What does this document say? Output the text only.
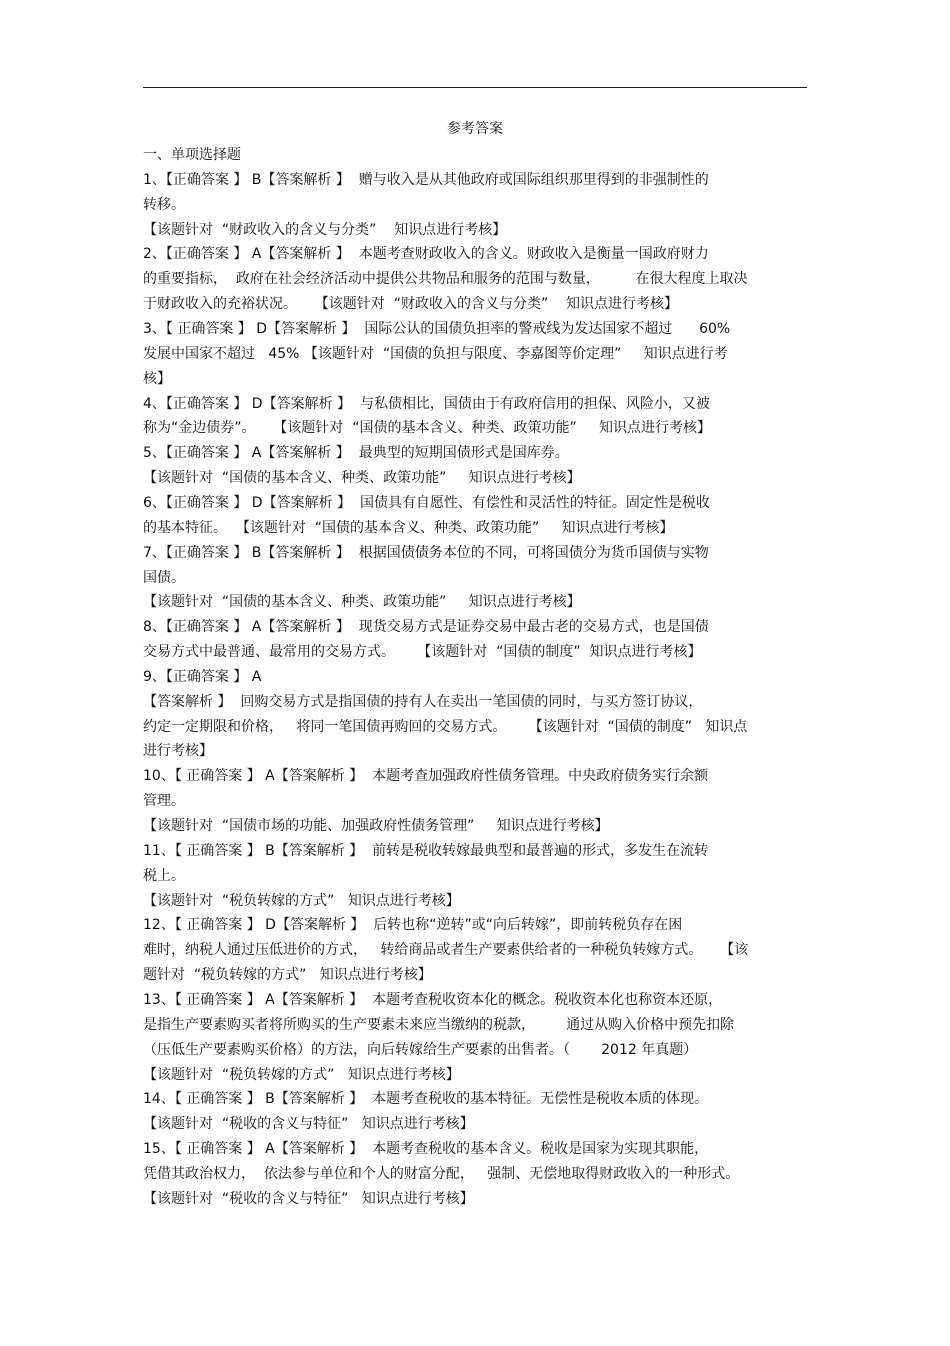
参考答案
一、单项选择题
1、【正确答案 】 B【答案解析 】  赠与收入是从其他政府或国际组织那里得到的非强制性的
转移。
【该题针对  “财政收入的含义与分类”    知识点进行考核】
2、【正确答案 】 A【答案解析 】  本题考查财政收入的含义。财政收入是衡量一国政府财力
的重要指标，  政府在社会经济活动中提供公共物品和服务的范围与数量，        在很大程度上取决
于财政收入的充裕状况。    【该题针对  “财政收入的含义与分类”    知识点进行考核】
3、【 正确答案 】 D【答案解析 】  国际公认的国债负担率的警戒线为发达国家不超过      60%
发展中国家不超过   45% 【该题针对  “国债的负担与限度、李嘉图等价定理”     知识点进行考
核】
4、【正确答案 】 D【答案解析 】  与私债相比，国债由于有政府信用的担保、风险小，又被
称为“金边债券”。    【该题针对  “国债的基本含义、种类、政策功能”     知识点进行考核】
5、【正确答案 】 A【答案解析 】  最典型的短期国债形式是国库券。
【该题针对  “国债的基本含义、种类、政策功能”     知识点进行考核】
6、【正确答案 】 D【答案解析 】  国债具有自愿性、有偿性和灵活性的特征。固定性是税收
的基本特征。  【该题针对  “国债的基本含义、种类、政策功能”     知识点进行考核】
7、【正确答案 】 B【答案解析 】  根据国债债务本位的不同，可将国债分为货币国债与实物
国债。
【该题针对  “国债的基本含义、种类、政策功能”     知识点进行考核】
8、【正确答案 】 A【答案解析 】  现货交易方式是证券交易中最古老的交易方式，也是国债
交易方式中最普通、最常用的交易方式。     【该题针对  “国债的制度”  知识点进行考核】
9、【正确答案 】 A
【答案解析 】  回购交易方式是指国债的持有人在卖出一笔国债的同时，与买方签订协议，
约定一定期限和价格，   将同一笔国债再购回的交易方式。     【该题针对  “国债的制度”   知识点
进行考核】
10、【 正确答案 】 A【答案解析 】  本题考查加强政府性债务管理。中央政府债务实行余额
管理。
【该题针对  “国债市场的功能、加强政府性债务管理”     知识点进行考核】
11、【 正确答案 】 B【答案解析 】  前转是税收转嫁最典型和最普遍的形式，多发生在流转
税上。
【该题针对  “税负转嫁的方式”   知识点进行考核】
12、【 正确答案 】 D【答案解析 】  后转也称“逆转”或“向后转嫁”，即前转税负存在困
难时，纳税人通过压低进价的方式，   转给商品或者生产要素供给者的一种税负转嫁方式。    【该
题针对  “税负转嫁的方式”   知识点进行考核】
13、【 正确答案 】 A【答案解析 】  本题考查税收资本化的概念。税收资本化也称资本还原，
是指生产要素购买者将所购买的生产要素未来应当缴纳的税款，       通过从购入价格中预先扣除
（压低生产要素购买价格）的方法，向后转嫁给生产要素的出售者。（       2012 年真题）
【该题针对  “税负转嫁的方式”   知识点进行考核】
14、【 正确答案 】 B【答案解析 】  本题考查税收的基本特征。无偿性是税收本质的体现。
【该题针对  “税收的含义与特征”   知识点进行考核】
15、【 正确答案 】 A【答案解析 】  本题考查税收的基本含义。税收是国家为实现其职能，
凭借其政治权力，  依法参与单位和个人的财富分配，   强制、无偿地取得财政收入的一种形式。
【该题针对  “税收的含义与特征”   知识点进行考核】
